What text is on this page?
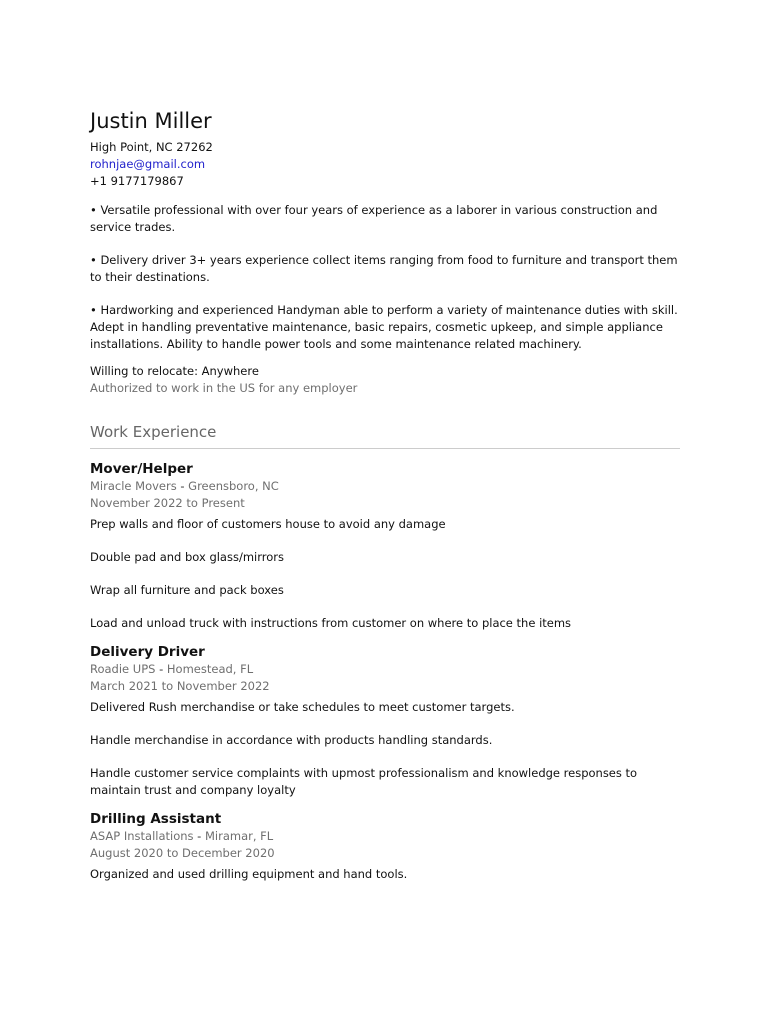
Justin Miller
High Point, NC 27262
rohnjae@gmail.com
+1 9177179867

• Versatile professional with over four years of experience as a laborer in various construction and service trades.

• Delivery driver 3+ years experience collect items ranging from food to furniture and transport them to their destinations.

• Hardworking and experienced Handyman able to perform a variety of maintenance duties with skill. Adept in handling preventative maintenance, basic repairs, cosmetic upkeep, and simple appliance installations. Ability to handle power tools and some maintenance related machinery.

Willing to relocate: Anywhere
Authorized to work in the US for any employer
Work Experience
Mover/Helper
Miracle Movers - Greensboro, NC
November 2022 to Present

Prep walls and floor of customers house to avoid any damage

Double pad and box glass/mirrors

Wrap all furniture and pack boxes

Load and unload truck with instructions from customer on where to place the items

Delivery Driver
Roadie UPS - Homestead, FL
March 2021 to November 2022

Delivered Rush merchandise or take schedules to meet customer targets.

Handle merchandise in accordance with products handling standards.

Handle customer service complaints with upmost professionalism and knowledge responses to maintain trust and company loyalty

Drilling Assistant
ASAP Installations - Miramar, FL
August 2020 to December 2020

Organized and used drilling equipment and hand tools.
